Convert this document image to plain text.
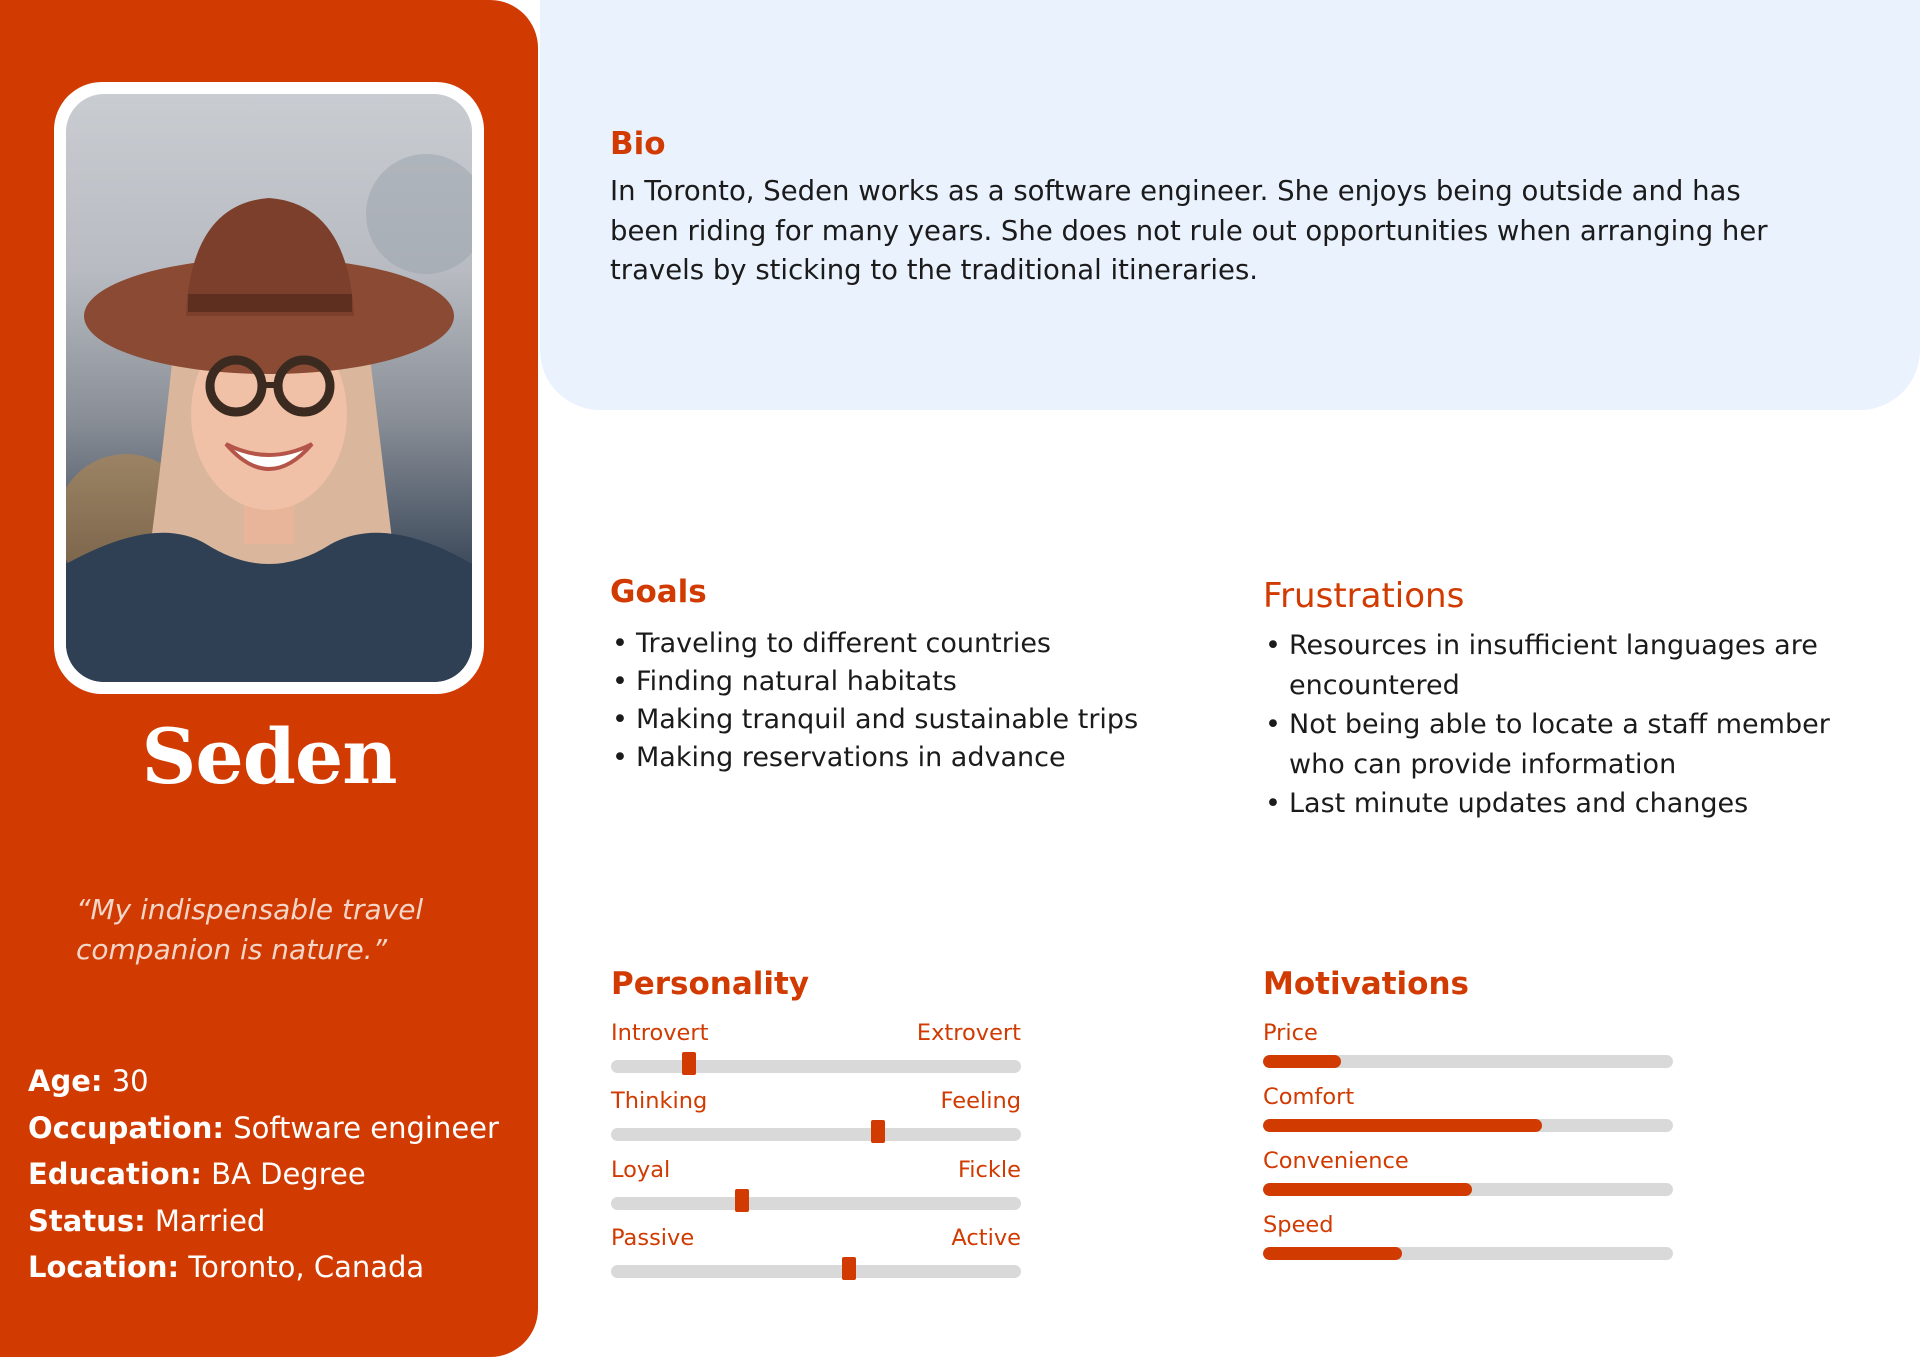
Seden
“My indispensable travel companion is nature.”
Age: 30
Occupation: Software engineer
Education: BA Degree
Status: Married
Location: Toronto, Canada
Bio
In Toronto, Seden works as a software engineer. She enjoys being outside and has been riding for many years. She does not rule out opportunities when arranging her travels by sticking to the traditional itineraries.
Goals
• Traveling to different countries
• Finding natural habitats
• Making tranquil and sustainable trips
• Making reservations in advance
Frustrations
• Resources in insufficient languages are encountered
• Not being able to locate a staff member who can provide information
• Last minute updates and changes
Personality
Introvert	Extrovert
Thinking	Feeling
Loyal	Fickle
Passive	Active
Motivations
Price
Comfort
Convenience
Speed
